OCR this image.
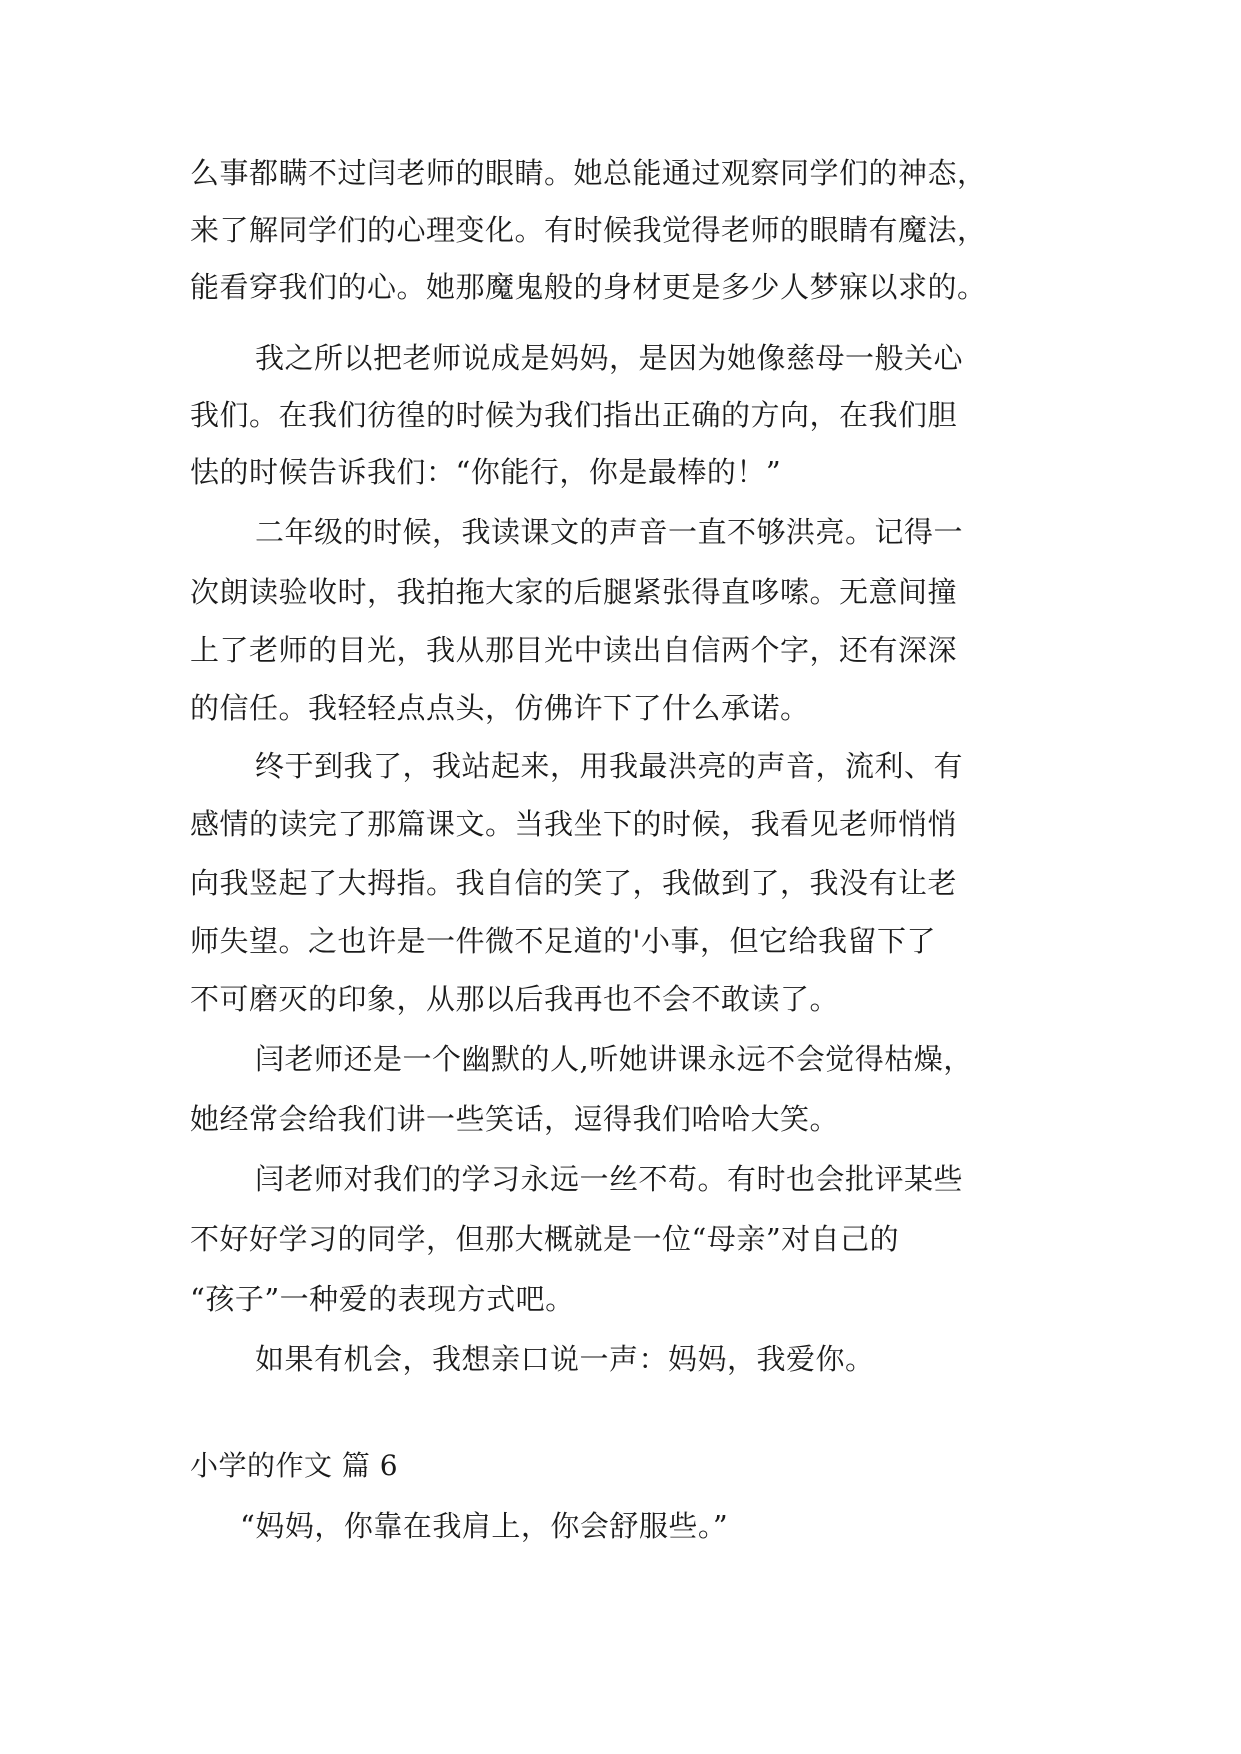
么事都瞒不过闫老师的眼睛。她总能通过观察同学们的神态，
来了解同学们的心理变化。有时候我觉得老师的眼睛有魔法，
能看穿我们的心。她那魔鬼般的身材更是多少人梦寐以求的。
我之所以把老师说成是妈妈，是因为她像慈母一般关心
我们。在我们彷徨的时候为我们指出正确的方向，在我们胆
怯的时候告诉我们：“你能行，你是最棒的！”
二年级的时候，我读课文的声音一直不够洪亮。记得一
次朗读验收时，我拍拖大家的后腿紧张得直哆嗦。无意间撞
上了老师的目光，我从那目光中读出自信两个字，还有深深
的信任。我轻轻点点头，仿佛许下了什么承诺。
终于到我了，我站起来，用我最洪亮的声音，流利、有
感情的读完了那篇课文。当我坐下的时候，我看见老师悄悄
向我竖起了大拇指。我自信的笑了，我做到了，我没有让老
师失望。之也许是一件微不足道的'小事，但它给我留下了
不可磨灭的印象，从那以后我再也不会不敢读了。
闫老师还是一个幽默的人,听她讲课永远不会觉得枯燥，
她经常会给我们讲一些笑话，逗得我们哈哈大笑。
闫老师对我们的学习永远一丝不苟。有时也会批评某些
不好好学习的同学，但那大概就是一位“母亲”对自己的
“孩子”一种爱的表现方式吧。
如果有机会，我想亲口说一声：妈妈，我爱你。
小学的作文 篇 6
“妈妈，你靠在我肩上，你会舒服些。”
